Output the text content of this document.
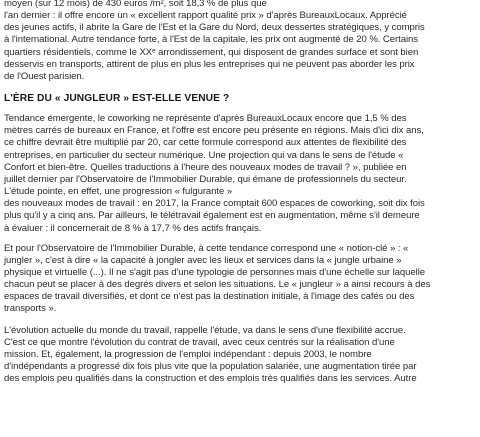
moyen (sur 12 mois) de 430 euros /m², soit 18,3 % de plus que
l'an dernier : il offre encore un « excellent rapport qualité prix » d'après BureauxLocaux. Apprécié
des jeunes actifs, il abrite la Gare de l'Est et la Gare du Nord, deux dessertes stratégiques, y compris
à l'international. Autre tendance forte, à l'Est de la capitale, les prix ont augmenté de 20 %. Certains
quartiers résidentiels, comme le XXᵉ arrondissement, qui disposent de grandes surface et sont bien
desservis en transports, attirent de plus en plus les entreprises qui ne peuvent pas aborder les prix
de l'Ouest parisien.
L'ÈRE DU « JUNGLEUR » EST-ELLE VENUE ?
Tendance émergente, le coworking ne représente d'après BureauxLocaux encore que 1,5 % des
mètres carrés de bureaux en France, et l'offre est encore peu présente en régions. Mais d'ici dix ans,
ce chiffre devrait être multiplié par 20, car cette formule correspond aux attentes de flexibilité des
entreprises, en particulier du secteur numérique. Une projection qui va dans le sens de l'étude «
Confort et bien-être. Quelles traductions à l'heure des nouveaux modes de travail ? », publiée en
juillet dernier par l'Observatoire de l'Immobilier Durable, qui émane de professionnels du secteur.
L'étude pointe, en effet, une progression « fulgurante »
des nouveaux modes de travail : en 2017, la France comptait 600 espaces de coworking, soit dix fois
plus qu'il y a cinq ans. Par ailleurs, le télétravail également est en augmentation, même s'il demeure
à évaluer : il concernerait de 8 % à 17,7 % des actifs français.
Et pour l'Observatoire de l'Immobilier Durable, à cette tendance correspond une « notion-clé » : «
jungler », c'est à dire « la capacité à jongler avec les lieux et services dans la « jungle urbaine »
physique et virtuelle (...). Il ne s'agit pas d'une typologie de personnes mais d'une échelle sur laquelle
chacun peut se placer à des degrés divers et selon les situations. Le « jungleur » a ainsi recours à des
espaces de travail diversifiés, et dont ce n'est pas la destination initiale, à l'image des cafés ou des
transports ».
L'évolution actuelle du monde du travail, rappelle l'étude, va dans le sens d'une flexibilité accrue.
C'est ce que montre l'évolution du contrat de travail, avec ceux centrés sur la réalisation d'une
mission. Et, également, la progression de l'emploi indépendant : depuis 2003, le nombre
d'indépendants a progressé dix fois plus vite que la population salariée, une augmentation tirée par
des emplois peu qualifiés dans la construction et des emplois très qualifiés dans les services. Autre
